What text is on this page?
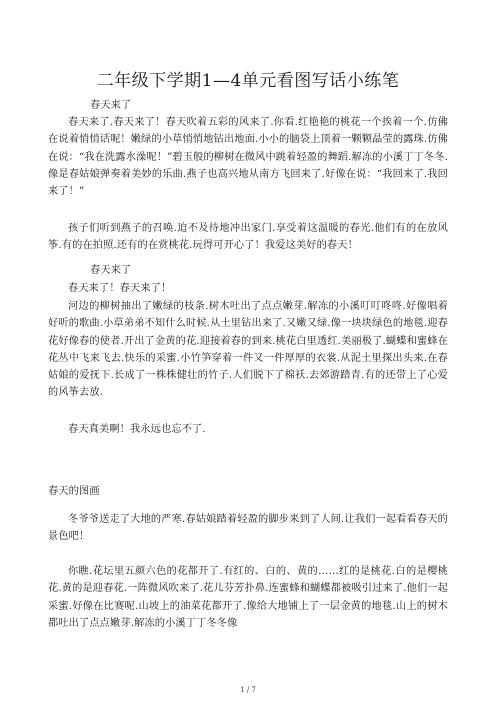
二年级下学期1—4单元看图写话小练笔

春天来了

春天来了.春天来了！春天吹着五彩的风来了.你看.红艳艳的桃花一个挨着一个.仿佛在说着悄悄话呢！嫩绿的小草悄悄地钻出地面.小小的脑袋上顶着一颗颗晶莹的露珠.仿佛在说：“我在洗露水澡呢！”碧玉般的柳树在微风中跳着轻盈的舞蹈.解冻的小溪丁丁冬冬.像是春姑娘弹奏着美妙的乐曲.燕子也高兴地从南方飞回来了.好像在说：“我回来了.我回来了！”

孩子们听到燕子的召唤.迫不及待地冲出家门.享受着这温暖的春光.他们有的在放风筝.有的在拍照.还有的在赏桃花.玩得可开心了！我爱这美好的春天！

春天来了

春天来了！春天来了！

河边的柳树抽出了嫩绿的枝条.树木吐出了点点嫩芽.解冻的小溪叮叮咚咚.好像唱着好听的歌曲.小草弟弟不知什么时候.从土里钻出来了.又嫩又绿.像一块块绿色的地毯.迎春花好像春的使者.开出了金黄的花.迎接着春的到来.桃花白里透红.美丽极了.蝴蝶和蜜蜂在花丛中飞来飞去.快乐的采蜜.小竹笋穿着一件又一件厚厚的衣裳.从泥土里探出头来.在春姑娘的爱抚下.长成了一株株健壮的竹子.人们脱下了棉袄.去郊游踏青.有的还带上了心爱的风筝去放.

春天真美啊！我永远也忘不了.

春天的图画

冬爷爷送走了大地的严寒.春姑娘踏着轻盈的脚步来到了人间.让我们一起看看春天的景色吧！

你瞧.花坛里五颜六色的花都开了.有红的、白的、黄的……红的是桃花.白的是樱桃花.黄的是迎春花.一阵微风吹来了.花儿芬芳扑鼻.连蜜蜂和蝴蝶都被吸引过来了.他们一起采蜜.好像在比赛呢.山坡上的油菜花都开了.像给大地铺上了一层金黄的地毯.山上的树木都吐出了点点嫩芽.解冻的小溪丁丁冬冬像

1 / 7
